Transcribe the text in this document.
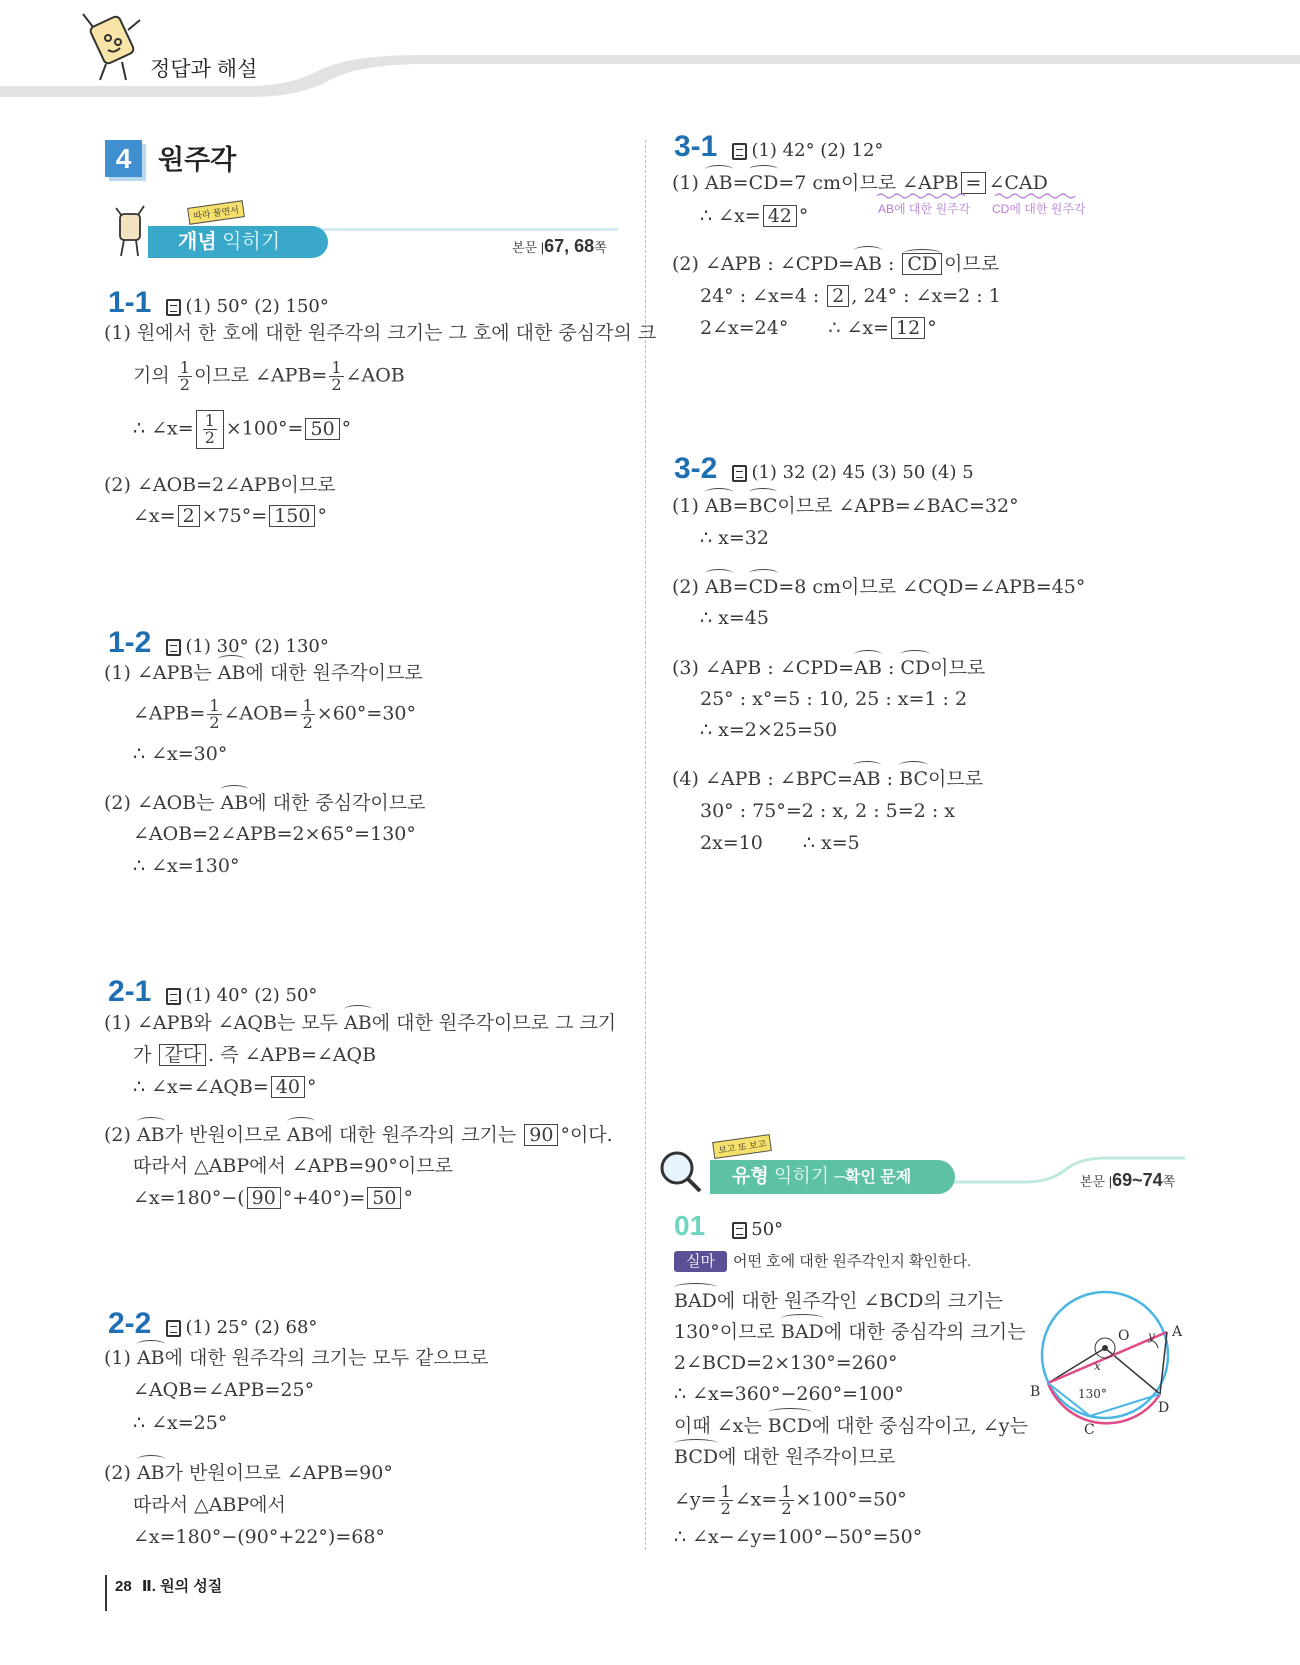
정답과 해설
4 원주각
개념 익히기
따라 풀면서
본문 |67, 68쪽
1-1 (1) 50° (2) 150°
(1) 원에서 한 호에 대한 원주각의 크기는 그 호에 대한 중심각의 크
기의 $\frac{1}{2}$ 이므로 ∠APB= $\frac{1}{2}$ ∠AOB
∴ ∠x= $\frac{1}{2} \times 100^\circ= 50$ °
(2) ∠AOB=2∠APB이므로
∠x= 2 ×75°= 150 °
1-2 (1) 30° (2) 130°
(1) ∠APB는 AB에 대한 원주각이므로
∠APB= $\frac{1}{2}$ ∠AOB= $\frac{1}{2} \times 60^\circ=30^\circ$
∴ ∠x=30°
(2) ∠AOB는 AB에 대한 중심각이므로
∠AOB=2∠APB=2×65°=130°
∴ ∠x=130°
2-1 (1) 40° (2) 50°
(1) ∠APB와 ∠AQB는 모두 AB에 대한 원주각이므로 그 크기
가 같다 . 즉 ∠APB=∠AQB
∴ ∠x=∠AQB= 40 °
(2) AB가 반원이므로 AB에 대한 원주각의 크기는 90 °이다.
따라서 △ABP에서 ∠APB=90°이므로
∠x=180°−( 90 °+40°)= 50 °
2-2 (1) 25° (2) 68°
(1) AB에 대한 원주각의 크기는 모두 같으므로
∠AQB=∠APB=25°
∴ ∠x=25°
(2) AB가 반원이므로 ∠APB=90°
따라서 △ABP에서
∠x=180°−(90°+22°)=68°
3-1 (1) 42° (2) 12°
(1) AB=CD=7 cm이므로 ∠APB = ∠CAD
AB에 대한 원주각 CD에 대한 원주각
∴ ∠x= 42 °
(2) ∠APB : ∠CPD=AB : CD 이므로
24° : ∠x=4 : 2 , 24° : ∠x=2 : 1
2∠x=24° ∴ ∠x= 12 °
3-2 (1) 32 (2) 45 (3) 50 (4) 5
(1) AB=BC이므로 ∠APB=∠BAC=32°
∴ x=32
(2) AB=CD=8 cm이므로 ∠CQD=∠APB=45°
∴ x=45
(3) ∠APB : ∠CPD=AB : CD이므로
25° : x°=5 : 10, 25 : x=1 : 2
∴ x=2×25=50
(4) ∠APB : ∠BPC=AB : BC이므로
30° : 75°=2 : x, 2 : 5=2 : x
2x=10 ∴ x=5
유형 익히기 –확인 문제
보고 또 보고
본문 |69~74쪽
01	50°
실마 어떤 호에 대한 원주각인지 확인한다.
BAD에 대한 원주각인 ∠BCD의 크기는
130°이므로 BAD에 대한 중심각의 크기는
2∠BCD=2×130°=260°
∴ ∠x=360°−260°=100°
이때 ∠x는 BCD에 대한 중심각이고, ∠y는
BCD에 대한 원주각이므로
∠y= $\frac{1}{2}$ ∠x= $\frac{1}{2} \times 100^\circ=50^\circ$
∴ ∠x−∠y=100°−50°=50°
O	A
B
C
D
x
y
130°
28 Ⅱ. 원의 성질
